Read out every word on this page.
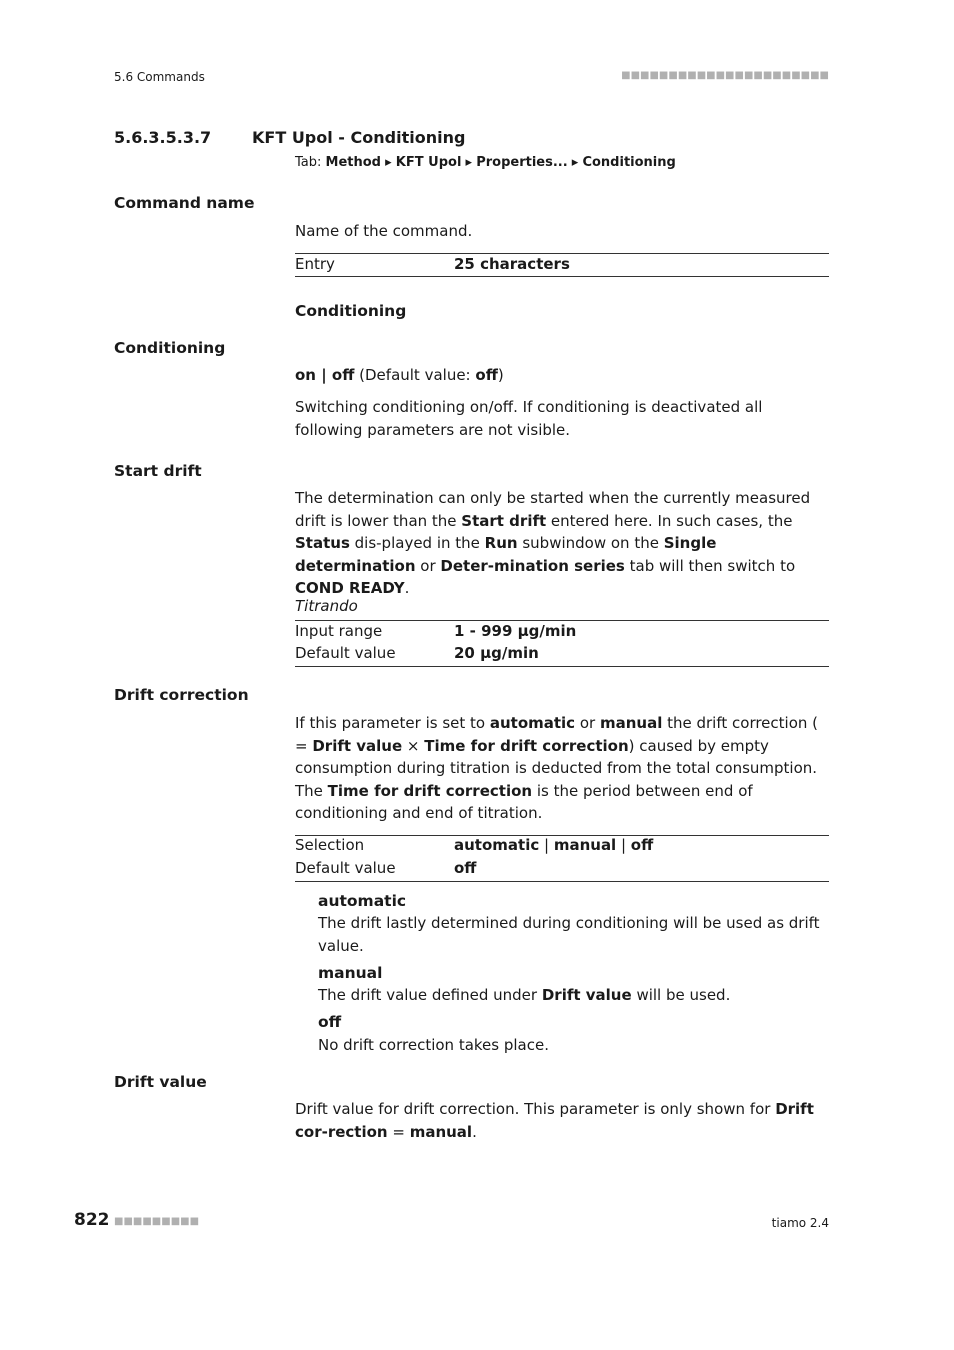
5.6 Commands	■■■■■■■■■■■■■■■■■■■■■■
5.6.3.5.3.7	KFT Upol - Conditioning
Tab: Method ▸ KFT Upol ▸ Properties... ▸ Conditioning
Command name
Name of the command.
Entry	25 characters
Conditioning
Conditioning
on | off (Default value: off)
Switching conditioning on/off. If conditioning is deactivated all following parameters are not visible.
Start drift
The determination can only be started when the currently measured drift is lower than the Start drift entered here. In such cases, the Status dis-played in the Run subwindow on the Single determination or Deter-mination series tab will then switch to COND READY.
Titrando
Input range	1 - 999 µg/min
Default value	20 µg/min
Drift correction
If this parameter is set to automatic or manual the drift correction ( = Drift value × Time for drift correction) caused by empty consumption during titration is deducted from the total consumption. The Time for drift correction is the period between end of conditioning and end of titration.
Selection	automatic | manual | off
Default value	off
automatic
The drift lastly determined during conditioning will be used as drift value.
manual
The drift value defined under Drift value will be used.
off
No drift correction takes place.
Drift value
Drift value for drift correction. This parameter is only shown for Drift cor-rection = manual.
822 ■■■■■■■■■	tiamo 2.4
